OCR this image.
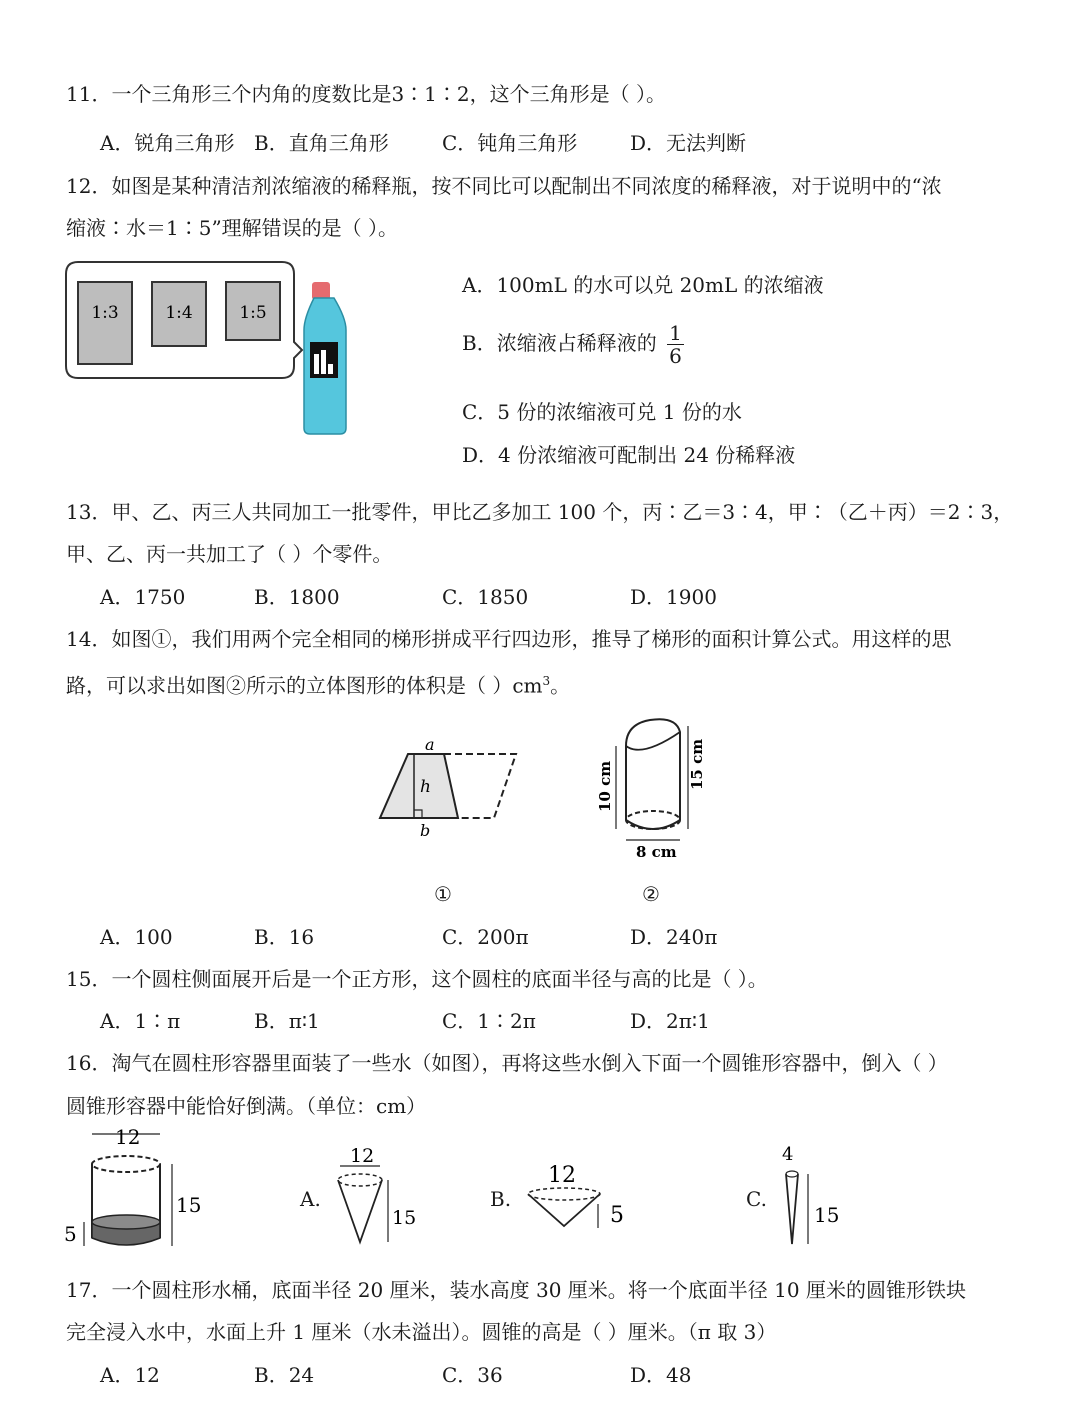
11．一个三角形三个内角的度数比是3∶1∶2，这个三角形是（ ）。
A．锐角三角形 B．直角三角形	C．钝角三角形	D．无法判断
12．如图是某种清洁剂浓缩液的稀释瓶，按不同比可以配制出不同浓度的稀释液，对于说明中的“浓
缩液∶水＝1∶5”理解错误的是（ ）。
1:3	1:4	1:5
A．100mL 的水可以兑 20mL 的浓缩液
B．浓缩液占稀释液的 $\frac{1}{6}$
C．5 份的浓缩液可兑 1 份的水
D．4 份浓缩液可配制出 24 份稀释液
13．甲、乙、丙三人共同加工一批零件，甲比乙多加工 100 个，丙∶乙＝3∶4，甲∶（乙＋丙）＝2∶3，
甲、乙、丙一共加工了（ ）个零件。
A．1750	B．1800	C．1850	D．1900
14．如图①，我们用两个完全相同的梯形拼成平行四边形，推导了梯形的面积计算公式。用这样的思
路，可以求出如图②所示的立体图形的体积是（ ）$cm^3$。
a
h
b
10 cm	15 cm
8 cm
①	②
A．100	B．16	C．200π	D．240π
15．一个圆柱侧面展开后是一个正方形，这个圆柱的底面半径与高的比是（ ）。
A．1∶π	B．π∶1	C．1∶2π	D．2π∶1
16．淘气在圆柱形容器里面装了一些水（如图），再将这些水倒入下面一个圆锥形容器中，倒入（ ）
圆锥形容器中能恰好倒满。（单位：cm）
12
15
5
A.
12
15
B.
12
5
C.
4
15
17．一个圆柱形水桶，底面半径 20 厘米，装水高度 30 厘米。将一个底面半径 10 厘米的圆锥形铁块
完全浸入水中，水面上升 1 厘米（水未溢出）。圆锥的高是（ ）厘米。（π 取 3）
A．12	B．24	C．36	D．48
